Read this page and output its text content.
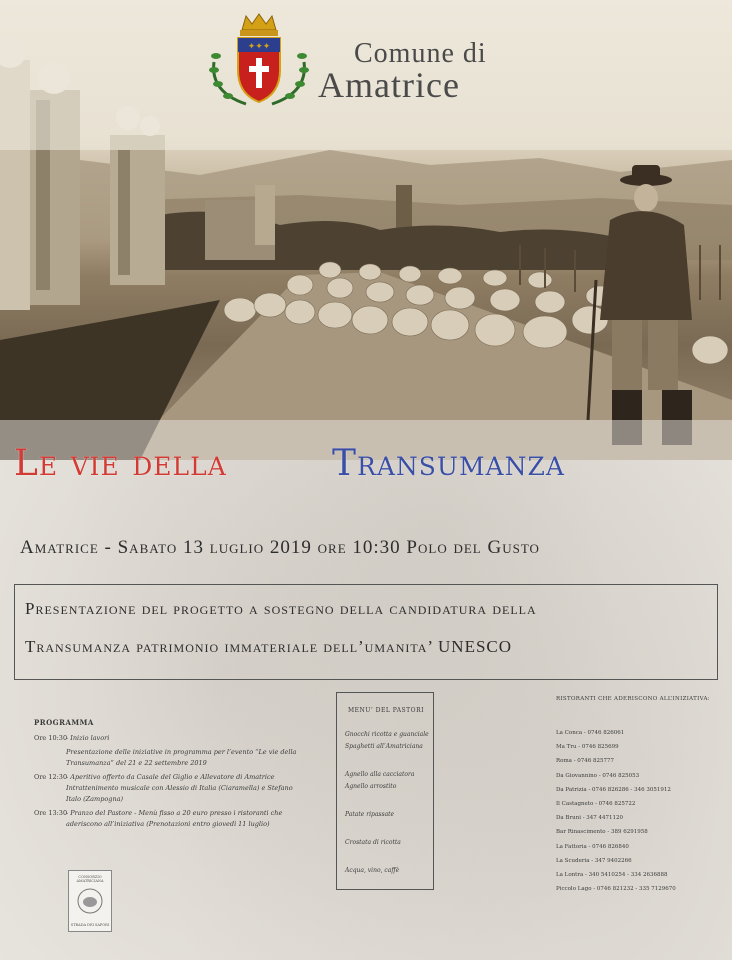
✦✦✦	Comune di
Amatrice
Le vie della	Transumanza
Amatrice - Sabato 13 luglio 2019 ore 10:30 Polo del Gusto
Presentazione del progetto a sostegno della candidatura della
Transumanza patrimonio immateriale dell’umanita’ UNESCO
PROGRAMMA
Ore 10:30
- Inizio lavori
Presentazione delle iniziative in programma per l’evento “Le vie della Transumanza” del 21 e 22 settembre 2019
Ore 12:30
- Aperitivo offerto da Casale del Giglio e Allevatore di Amatrice Intrattenimento musicale con Alessio di Italia (Ciaramella) e Stefano Italo (Zampogna)
Ore 13:30
- Pranzo del Pastore - Menù fisso a 20 euro presso i ristoranti che aderiscono all’iniziativa (Prenotazioni entro giovedì 11 luglio)
CONSORZIO AMATRICIANA
STRADA DEI SAPORI
MENU’ DEL PASTORI
Gnocchi ricotta e guanciale
Spaghetti all’Amatriciana
Agnello alla cacciatora
Agnello arrostito
Patate ripassate
Crostata di ricotta
Acqua, vino, caffè
RISTORANTI CHE ADERISCONO ALL’INIZIATIVA:
La Conca - 0746 826061
Ma Tru - 0746 825699
Roma - 0746 825777
Da Giovannino - 0746 825053
Da Patrizia - 0746 826286 - 346 3051912
Il Castagneto - 0746 825722
Da Bruni - 347 4471120
Bar Rinascimento - 389 6291958
La Fattoria - 0746 826840
La Scuderia - 347 9402266
La Lontra - 340 5410254 - 334 2636888
Piccolo Lago - 0746 821232 - 335 7129670
